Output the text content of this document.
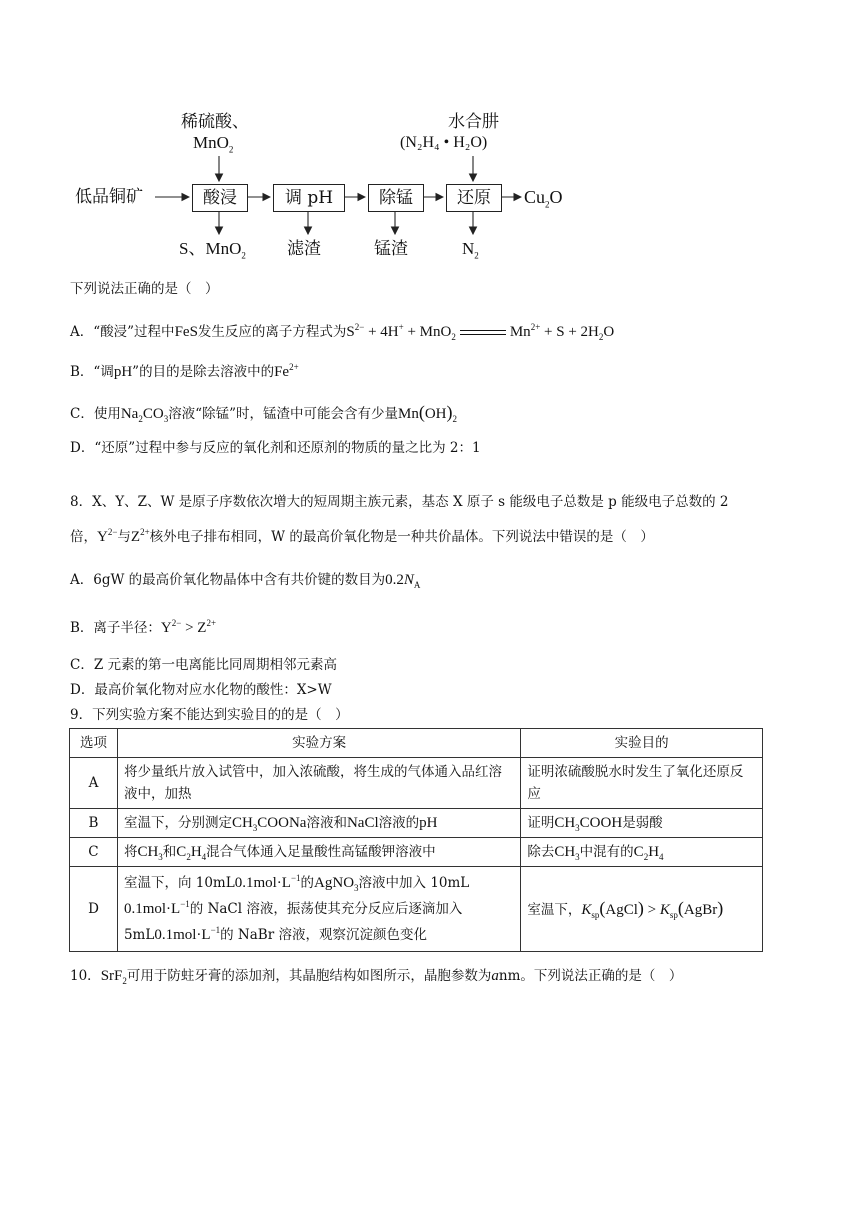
稀硫酸、
MnO$_2$
水合肼
(N₂H₄ • H₂O)
低品铜矿	酸浸	调 pH	除锰	还原	$Cu_2O$
S、MnO$_2$ 滤渣	锰渣	$N_2$
下列说法正确的是（　）
A．“酸浸”过程中FeS发生反应的离子方程式为$S^{2-} + 4H^+ + MnO_2$	$Mn^{2+} + S + 2H_2O$
B．“调pH”的目的是除去溶液中的$Fe^{2+}$
C．使用$Na_2CO_3$溶液“除锰”时，锰渣中可能会含有少量$Mn(OH)_2$
D．“还原”过程中参与反应的氧化剂和还原剂的物质的量之比为 2：1
8．X、Y、Z、W 是原子序数依次增大的短周期主族元素，基态 X 原子 s 能级电子总数是 p 能级电子总数的 2
倍，$Y^{2-}$与$Z^{2+}$核外电子排布相同，W 的最高价氧化物是一种共价晶体。下列说法中错误的是（　）
A．6gW 的最高价氧化物晶体中含有共价键的数目为$0.2N_A$
B．离子半径：$Y^{2-} > Z^{2+}$
C．Z 元素的第一电离能比同周期相邻元素高
D．最高价氧化物对应水化物的酸性：X>W
9．下列实验方案不能达到实验目的的是（　）
选项	实验方案	实验目的
A	将少量纸片放入试管中，加入浓硫酸，将生成的气体通入品红溶液中，加热	证明浓硫酸脱水时发生了氧化还原反应
B	室温下，分别测定$CH_3COONa$溶液和NaCl溶液的pH	证明$CH_3COOH$是弱酸
C	将$CH_3$和$C_2H_4$混合气体通入足量酸性高锰酸钾溶液中	除去$CH_3$中混有的$C_2H_4$
D	室温下，向 $10mL0.1mol\cdot L^{-1}$的AgNO$_3$溶液中加入 10mL
$0.1mol\cdot L^{-1}$的 NaCl 溶液，振荡使其充分反应后逐滴加入
$5mL0.1mol\cdot L^{-1}$的 NaBr 溶液，观察沉淀颜色变化	室温下，$K_{sp}(AgCl)$ > $K_{sp}(AgBr)$
10．SrF$_2$可用于防蛀牙膏的添加剂，其晶胞结构如图所示，晶胞参数为anm。下列说法正确的是（　）
